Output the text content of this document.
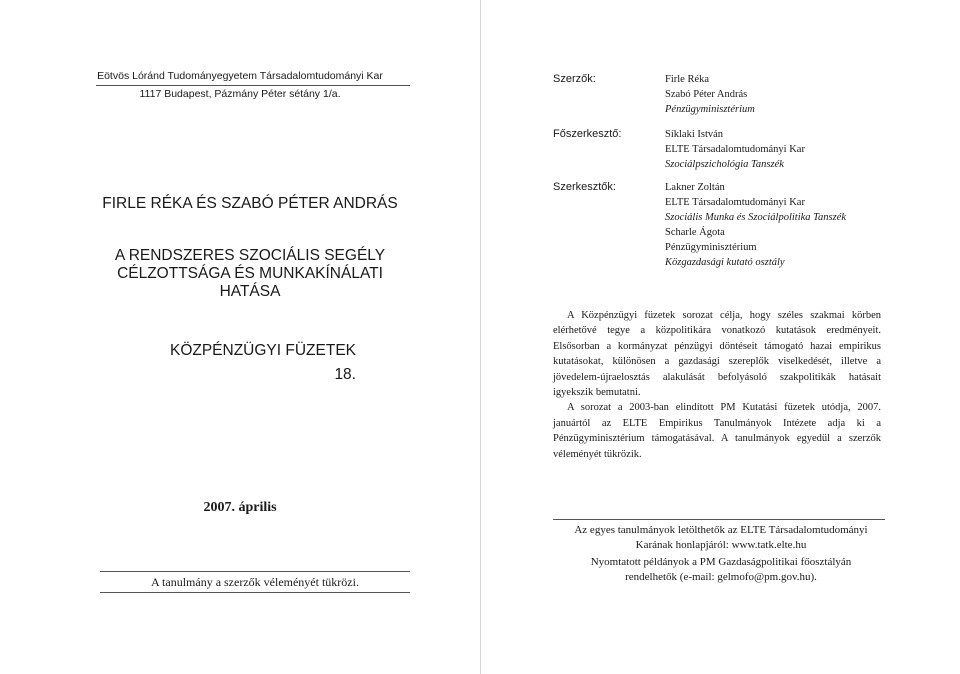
Eötvös Lóránd Tudományegyetem Társadalomtudományi Kar
1117 Budapest, Pázmány Péter sétány 1/a.
FIRLE RÉKA ÉS SZABÓ PÉTER ANDRÁS
A RENDSZERES SZOCIÁLIS SEGÉLY
CÉLZOTTSÁGA ÉS MUNKAKÍNÁLATI
HATÁSA
KÖZPÉNZÜGYI FÜZETEK
18.
2007. április
A tanulmány a szerzők véleményét tükrözi.
Szerzők:	Firle Réka
Szabó Péter András
Pénzügyminisztérium
Főszerkesztő:	Síklaki István
ELTE Társadalomtudományi Kar
Szociálpszichológia Tanszék
Szerkesztők:	Lakner Zoltán
ELTE Társadalomtudományi Kar
Szociális Munka és Szociálpolitika Tanszék
Scharle Ágota
Pénzügyminisztérium
Közgazdasági kutató osztály

A Közpénzügyi füzetek sorozat célja, hogy széles szakmai körben elérhetővé tegye a közpolitikára vonatkozó kutatások eredményeit. Elsősorban a kormányzat pénzügyi döntéseit támogató hazai empirikus kutatásokat, különösen a gazdasági szereplők viselkedését, illetve a jövedelem-újraelosztás alakulását befolyásoló szakpolitikák hatásait igyekszik bemutatni.

A sorozat a 2003-ban elindított PM Kutatási füzetek utódja, 2007. januártól az ELTE Empirikus Tanulmányok Intézete adja ki a Pénzügyminisztérium támogatásával. A tanulmányok egyedül a szerzők véleményét tükrözik.

Az egyes tanulmányok letölthetők az ELTE Társadalomtudományi
Karának honlapjáról: www.tatk.elte.hu
Nyomtatott példányok a PM Gazdaságpolitikai főosztályán
rendelhetők (e-mail: gelmofo@pm.gov.hu).
